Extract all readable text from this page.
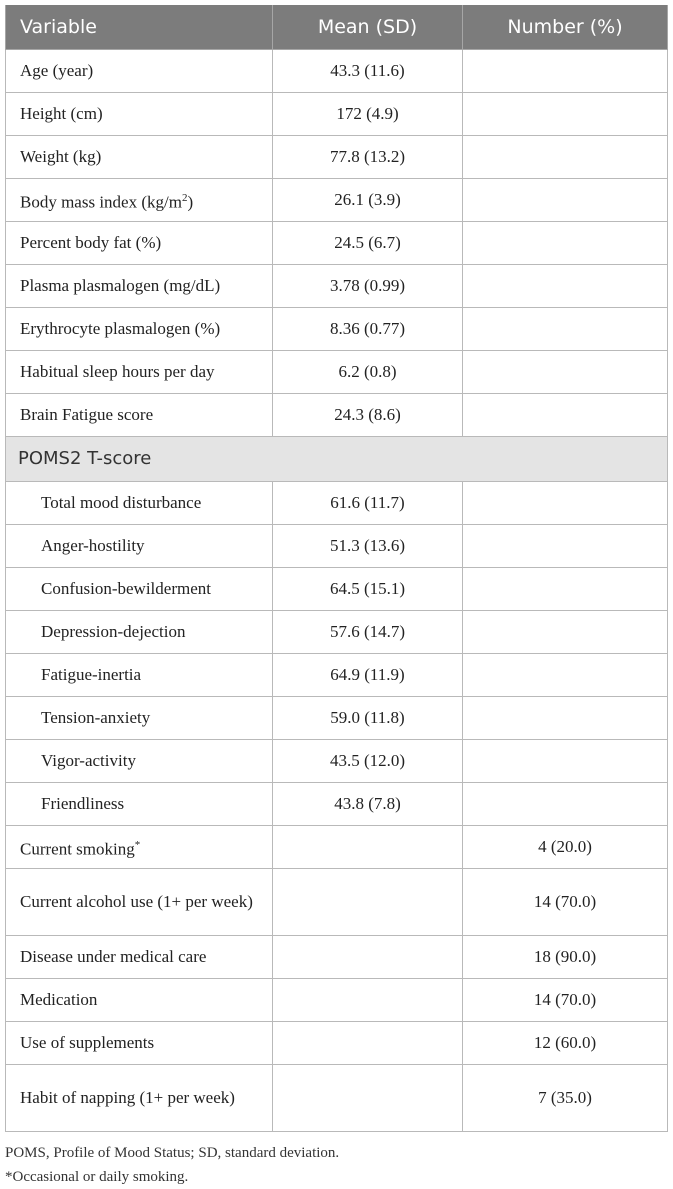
Variable	Mean (SD)	Number (%)
Age (year)	43.3 (11.6)	
Height (cm)	172 (4.9)	
Weight (kg)	77.8 (13.2)	
Body mass index $(kg/m^2)$	26.1 (3.9)	
Percent body fat (%)	24.5 (6.7)	
Plasma plasmalogen (mg/dL)	3.78 (0.99)	
Erythrocyte plasmalogen (%)	8.36 (0.77)	
Habitual sleep hours per day	6.2 (0.8)	
Brain Fatigue score	24.3 (8.6)	
POMS2 T-score		
Total mood disturbance	61.6 (11.7)	
Anger-hostility	51.3 (13.6)	
Confusion-bewilderment	64.5 (15.1)	
Depression-dejection	57.6 (14.7)	
Fatigue-inertia	64.9 (11.9)	
Tension-anxiety	59.0 (11.8)	
Vigor-activity	43.5 (12.0)	
Friendliness	43.8 (7.8)	
Current smoking*		4 (20.0)
Current alcohol use (1+ per week)		14 (70.0)
Disease under medical care		18 (90.0)
Medication		14 (70.0)
Use of supplements		12 (60.0)
Habit of napping (1+ per week)		7 (35.0)
POMS, Profile of Mood Status; SD, standard deviation.
*Occasional or daily smoking.
